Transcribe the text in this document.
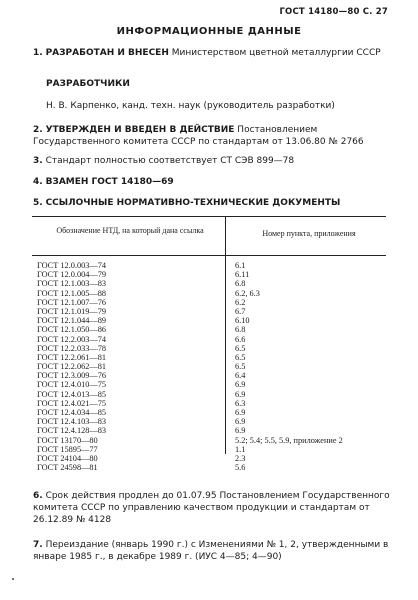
ГОСТ 14180—80 С. 27
ИНФОРМАЦИОННЫЕ ДАННЫЕ
1. РАЗРАБОТАН И ВНЕСЕН Министерством цветной металлургии СССР
РАЗРАБОТЧИКИ
Н. В. Карпенко, канд. техн. наук (руководитель разработки)
2. УТВЕРЖДЕН И ВВЕДЕН В ДЕЙСТВИЕ Постановлением Государственного комитета СССР по стандартам от 13.06.80 № 2766
3. Стандарт полностью соответствует СТ СЭВ 899—78
4. ВЗАМЕН ГОСТ 14180—69
5. ССЫЛОЧНЫЕ НОРМАТИВНО-ТЕХНИЧЕСКИЕ ДОКУМЕНТЫ
Обозначение НТД, на который дана ссылка	Номер пункта, приложения
ГОСТ 12.0.003—74	6.1
ГОСТ 12.0.004—79	6.11
ГОСТ 12.1.003—83	6.8
ГОСТ 12.1.005—88	6.2, 6.3
ГОСТ 12.1.007—76	6.2
ГОСТ 12.1.019—79	6.7
ГОСТ 12.1.044—89	6.10
ГОСТ 12.1.050—86	6.8
ГОСТ 12.2.003—74	6.6
ГОСТ 12.2.033—78	6.5
ГОСТ 12.2.061—81	6.5
ГОСТ 12.2.062—81	6.5
ГОСТ 12.3.009—76	6.4
ГОСТ 12.4.010—75	6.9
ГОСТ 12.4.013—85	6.9
ГОСТ 12.4.021—75	6.3
ГОСТ 12.4.034—85	6.9
ГОСТ 12.4.103—83	6.9
ГОСТ 12.4.128—83	6.9
ГОСТ 13170—80	5.2; 5.4; 5.5, 5.9, приложение 2
ГОСТ 15895—77	1.1
ГОСТ 24104—80	2.3
ГОСТ 24598—81	5.6
6. Срок действия продлен до 01.07.95 Постановлением Государственного комитета СССР по управлению качеством продукции и стандартам от 26.12.89 № 4128
7. Переиздание (январь 1990 г.) с Изменениями № 1, 2, утвержденными в январе 1985 г., в декабре 1989 г. (ИУС 4—85; 4—90)
